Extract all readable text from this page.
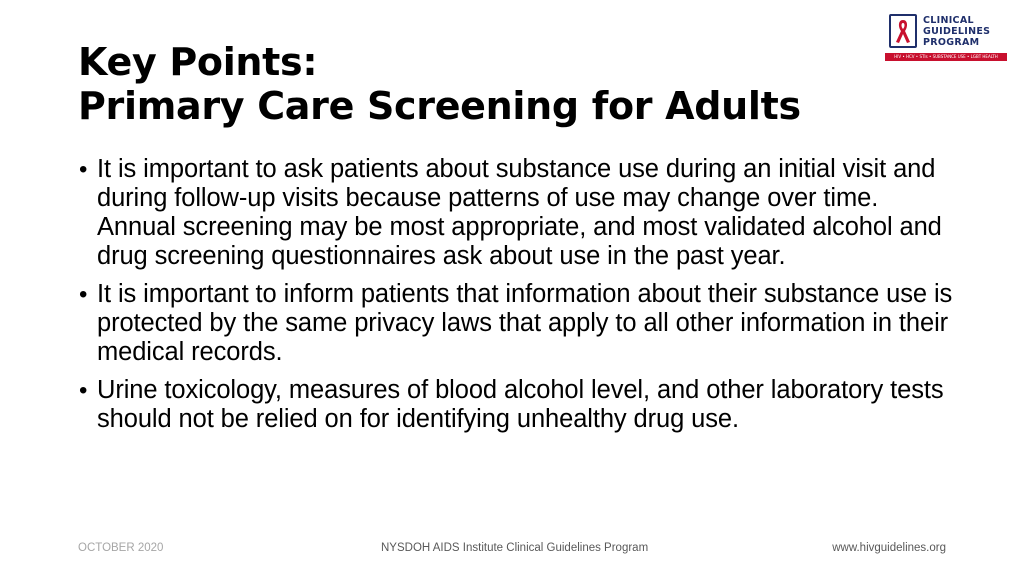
Key Points:
Primary Care Screening for Adults
CLINICAL
GUIDELINES
PROGRAM
HIV • HCV • STIs • SUBSTANCE USE • LGBT HEALTH
• It is important to ask patients about substance use during an initial visit and during follow-up visits because patterns of use may change over time. Annual screening may be most appropriate, and most validated alcohol and drug screening questionnaires ask about use in the past year.
• It is important to inform patients that information about their substance use is protected by the same privacy laws that apply to all other information in their medical records.
• Urine toxicology, measures of blood alcohol level, and other laboratory tests should not be relied on for identifying unhealthy drug use.
OCTOBER 2020	NYSDOH AIDS Institute Clinical Guidelines Program	www.hivguidelines.org
